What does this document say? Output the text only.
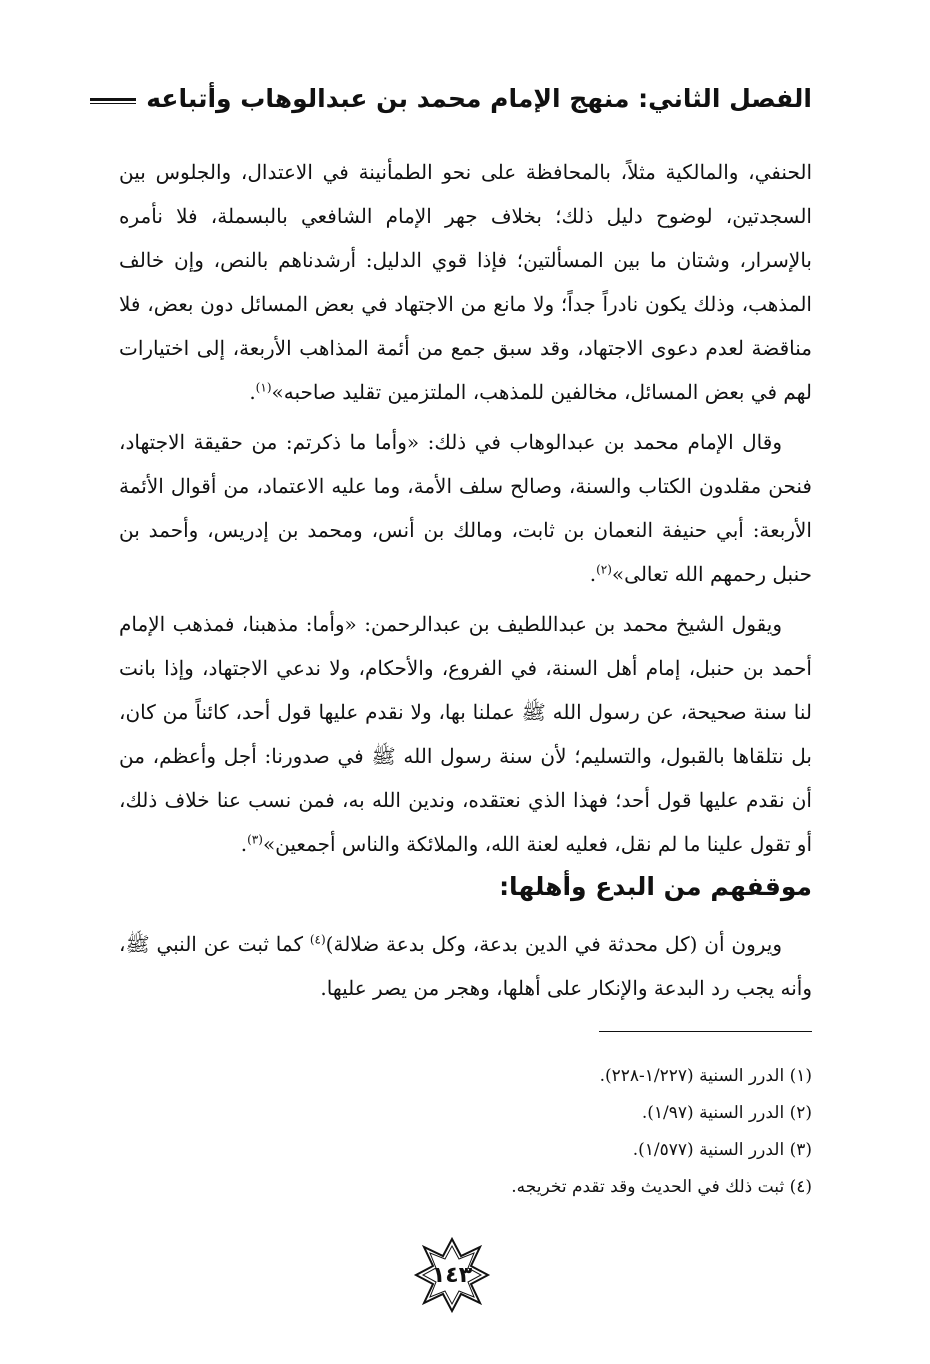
الفصل الثاني: منهج الإمام محمد بن عبدالوهاب وأتباعه

الحنفي، والمالكية مثلاً، بالمحافظة على نحو الطمأنينة في الاعتدال، والجلوس بين السجدتين، لوضوح دليل ذلك؛ بخلاف جهر الإمام الشافعي بالبسملة، فلا نأمره بالإسرار، وشتان ما بين المسألتين؛ فإذا قوي الدليل: أرشدناهم بالنص، وإن خالف المذهب، وذلك يكون نادراً جداً؛ ولا مانع من الاجتهاد في بعض المسائل دون بعض، فلا مناقضة لعدم دعوى الاجتهاد، وقد سبق جمع من أئمة المذاهب الأربعة، إلى اختيارات لهم في بعض المسائل، مخالفين للمذهب، الملتزمين تقليد صاحبه»$^{(١)}$.

وقال الإمام محمد بن عبدالوهاب في ذلك: «وأما ما ذكرتم: من حقيقة الاجتهاد، فنحن مقلدون الكتاب والسنة، وصالح سلف الأمة، وما عليه الاعتماد، من أقوال الأئمة الأربعة: أبي حنيفة النعمان بن ثابت، ومالك بن أنس، ومحمد بن إدريس، وأحمد بن حنبل رحمهم الله تعالى»$^{(٢)}$.

ويقول الشيخ محمد بن عبداللطيف بن عبدالرحمن: «وأما: مذهبنا، فمذهب الإمام أحمد بن حنبل، إمام أهل السنة، في الفروع، والأحكام، ولا ندعي الاجتهاد، وإذا بانت لنا سنة صحيحة، عن رسول الله ﷺ عملنا بها، ولا نقدم عليها قول أحد، كائناً من كان، بل نتلقاها بالقبول، والتسليم؛ لأن سنة رسول الله ﷺ في صدورنا: أجل وأعظم، من أن نقدم عليها قول أحد؛ فهذا الذي نعتقده، وندين الله به، فمن نسب عنا خلاف ذلك، أو تقول علينا ما لم نقل، فعليه لعنة الله، والملائكة والناس أجمعين»$^{(٣)}$.

موقفهم من البدع وأهلها:

ويرون أن (كل محدثة في الدين بدعة، وكل بدعة ضلالة)$^{(٤)}$ كما ثبت عن النبي ﷺ، وأنه يجب رد البدعة والإنكار على أهلها، وهجر من يصر عليها.

(١) الدرر السنية (١/٢٢٧-٢٢٨).
(٢) الدرر السنية (١/٩٧).
(٣) الدرر السنية (١/٥٧٧).
(٤) ثبت ذلك في الحديث وقد تقدم تخريجه.
١٤٣
